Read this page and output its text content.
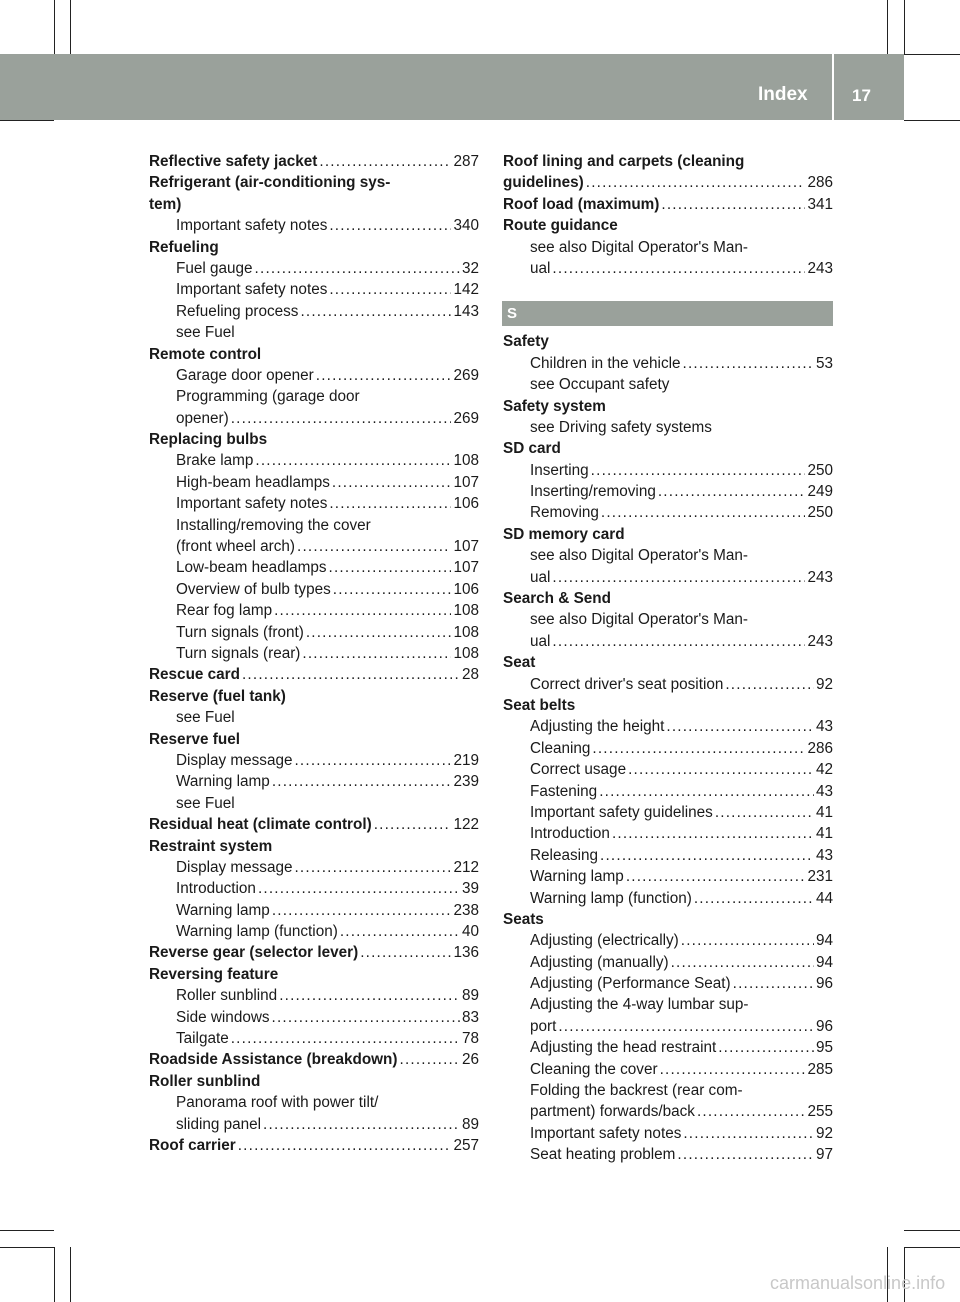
Index	17
Reflective safety jacket .....	287
Refrigerant (air-conditioning sys-
tem)
Important safety notes .....	340
Refueling
Fuel gauge .....	32
Important safety notes .....	142
Refueling process .....	143
see Fuel
Remote control
Garage door opener .....	269
Programming (garage door
opener) .....	269
Replacing bulbs
Brake lamp .....	108
High-beam headlamps .....	107
Important safety notes .....	106
Installing/removing the cover
(front wheel arch) .....	107
Low-beam headlamps .....	107
Overview of bulb types .....	106
Rear fog lamp .....	108
Turn signals (front) .....	108
Turn signals (rear) .....	108
Rescue card .....	28
Reserve (fuel tank)
see Fuel
Reserve fuel
Display message .....	219
Warning lamp .....	239
see Fuel
Residual heat (climate control) .....	122
Restraint system
Display message .....	212
Introduction .....	39
Warning lamp .....	238
Warning lamp (function) .....	40
Reverse gear (selector lever) .....	136
Reversing feature
Roller sunblind .....	89
Side windows .....	83
Tailgate .....	78
Roadside Assistance (breakdown) .....	26
Roller sunblind
Panorama roof with power tilt/
sliding panel .....	89
Roof carrier .....	257
Roof lining and carpets (cleaning
guidelines) .....	286
Roof load (maximum) .....	341
Route guidance
see also Digital Operator's Man-
ual .....	243
S
Safety
Children in the vehicle .....	53
see Occupant safety
Safety system
see Driving safety systems
SD card
Inserting .....	250
Inserting/removing .....	249
Removing .....	250
SD memory card
see also Digital Operator's Man-
ual .....	243
Search & Send
see also Digital Operator's Man-
ual .....	243
Seat
Correct driver's seat position .....	92
Seat belts
Adjusting the height .....	43
Cleaning .....	286
Correct usage .....	42
Fastening .....	43
Important safety guidelines .....	41
Introduction .....	41
Releasing .....	43
Warning lamp .....	231
Warning lamp (function) .....	44
Seats
Adjusting (electrically) .....	94
Adjusting (manually) .....	94
Adjusting (Performance Seat) .....	96
Adjusting the 4-way lumbar sup-
port .....	96
Adjusting the head restraint .....	95
Cleaning the cover .....	285
Folding the backrest (rear com-
partment) forwards/back .....	255
Important safety notes .....	92
Seat heating problem .....	97
carmanualsonline.info
